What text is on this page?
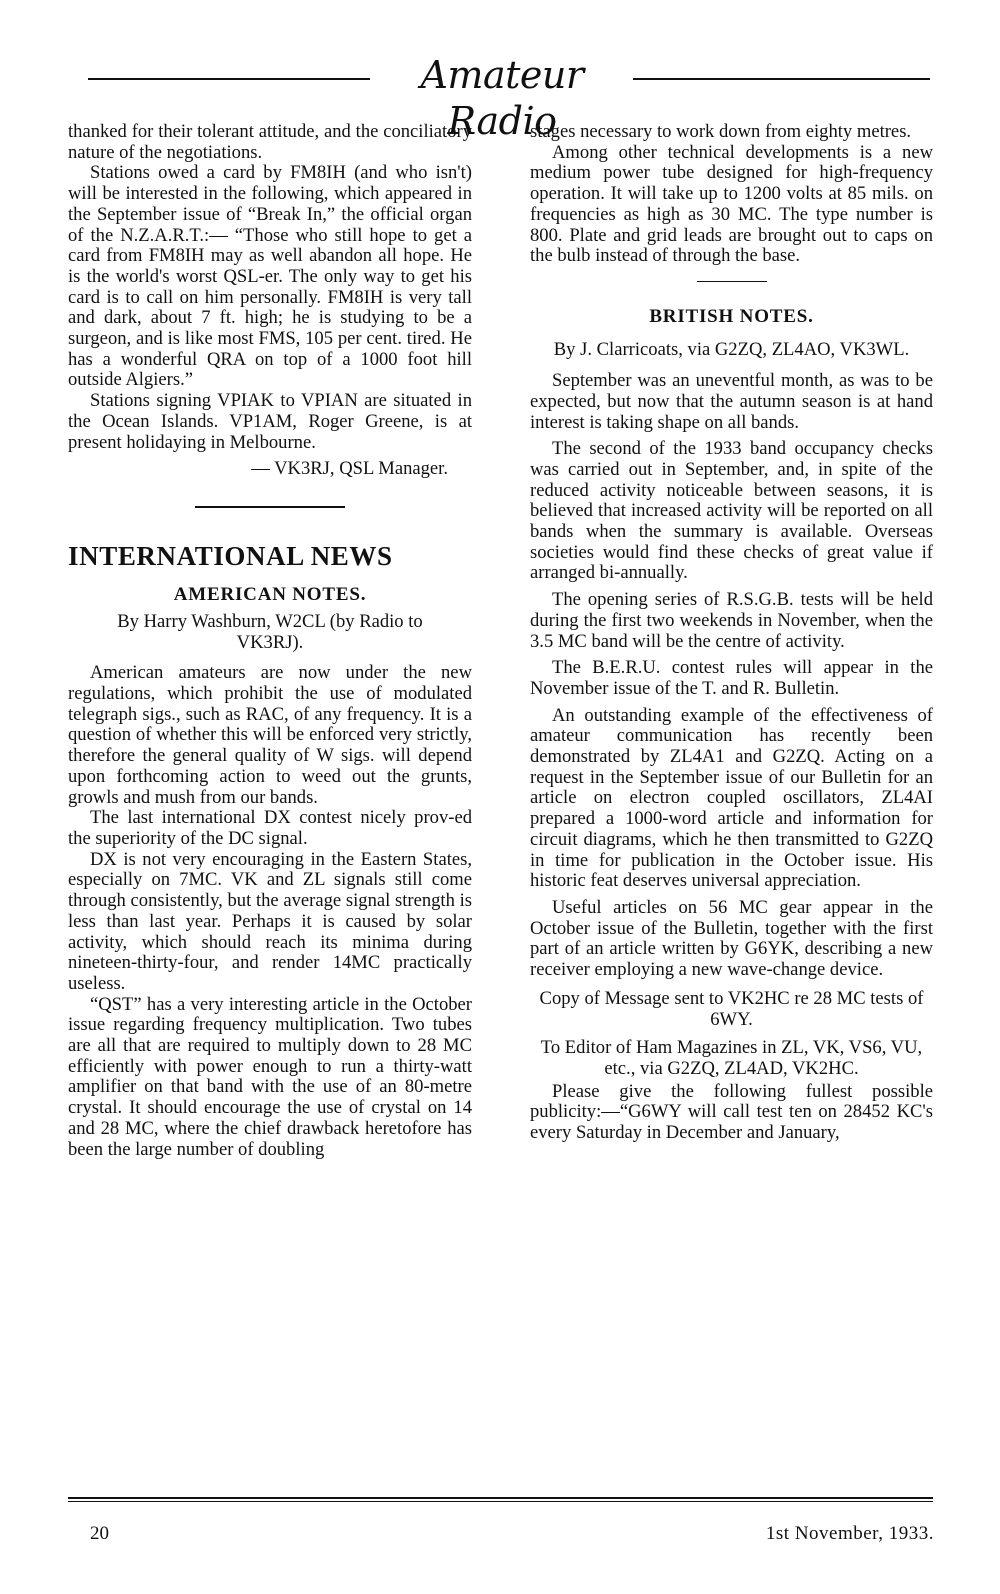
Amateur Radio

thanked for their tolerant attitude, and the conciliatory nature of the negotiations.

Stations owed a card by FM8IH (and who isn't) will be interested in the following, which appeared in the September issue of “Break In,” the official organ of the N.Z.A.R.T.:— “Those who still hope to get a card from FM8IH may as well abandon all hope. He is the world's worst QSL-er. The only way to get his card is to call on him personally. FM8IH is very tall and dark, about 7 ft. high; he is studying to be a surgeon, and is like most FMS, 105 per cent. tired. He has a wonderful QRA on top of a 1000 foot hill outside Algiers.”

Stations signing VPIAK to VPIAN are situated in the Ocean Islands. VP1AM, Roger Greene, is at present holidaying in Melbourne.

— VK3RJ, QSL Manager.

INTERNATIONAL NEWS
AMERICAN NOTES.

By Harry Washburn, W2CL (by Radio to VK3RJ).

American amateurs are now under the new regulations, which prohibit the use of modulated telegraph sigs., such as RAC, of any frequency. It is a question of whether this will be enforced very strictly, therefore the general quality of W sigs. will depend upon forthcoming action to weed out the grunts, growls and mush from our bands.

The last international DX contest nicely prov-ed the superiority of the DC signal.

DX is not very encouraging in the Eastern States, especially on 7MC. VK and ZL signals still come through consistently, but the average signal strength is less than last year. Perhaps it is caused by solar activity, which should reach its minima during nineteen-thirty-four, and render 14MC practically useless.

“QST” has a very interesting article in the October issue regarding frequency multiplication. Two tubes are all that are required to multiply down to 28 MC efficiently with power enough to run a thirty-watt amplifier on that band with the use of an 80-metre crystal. It should encourage the use of crystal on 14 and 28 MC, where the chief drawback heretofore has been the large number of doubling

stages necessary to work down from eighty metres.

Among other technical developments is a new medium power tube designed for high-frequency operation. It will take up to 1200 volts at 85 mils. on frequencies as high as 30 MC. The type number is 800. Plate and grid leads are brought out to caps on the bulb instead of through the base.

BRITISH NOTES.

By J. Clarricoats, via G2ZQ, ZL4AO, VK3WL.

September was an uneventful month, as was to be expected, but now that the autumn season is at hand interest is taking shape on all bands.

The second of the 1933 band occupancy checks was carried out in September, and, in spite of the reduced activity noticeable between seasons, it is believed that increased activity will be reported on all bands when the summary is available. Overseas societies would find these checks of great value if arranged bi-annually.

The opening series of R.S.G.B. tests will be held during the first two weekends in November, when the 3.5 MC band will be the centre of activity.

The B.E.R.U. contest rules will appear in the November issue of the T. and R. Bulletin.

An outstanding example of the effectiveness of amateur communication has recently been demonstrated by ZL4A1 and G2ZQ. Acting on a request in the September issue of our Bulletin for an article on electron coupled oscillators, ZL4AI prepared a 1000-word article and information for circuit diagrams, which he then transmitted to G2ZQ in time for publication in the October issue. His historic feat deserves universal appreciation.

Useful articles on 56 MC gear appear in the October issue of the Bulletin, together with the first part of an article written by G6YK, describing a new receiver employing a new wave-change device.

Copy of Message sent to VK2HC re 28 MC tests of 6WY.

To Editor of Ham Magazines in ZL, VK, VS6, VU, etc., via G2ZQ, ZL4AD, VK2HC.

Please give the following fullest possible publicity:—“G6WY will call test ten on 28452 KC's every Saturday in December and January,

20	1st November, 1933.
